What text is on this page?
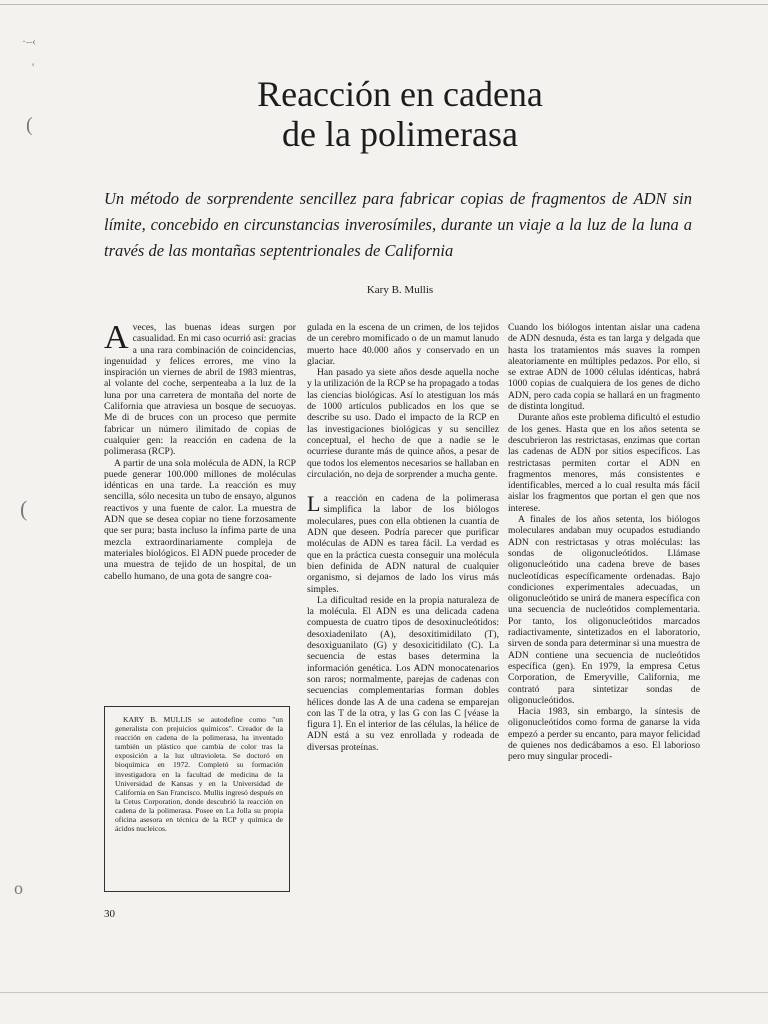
·–‹
'
(
(
o
Reacción en cadena
de la polimerasa

Un método de sorprendente sencillez para fabricar copias de fragmentos de ADN sin límite, concebido en circunstancias inverosímiles, durante un viaje a la luz de la luna a través de las montañas septentrionales de California

Kary B. Mullis

Aveces, las buenas ideas surgen por casualidad. En mi caso ocurrió así: gracias a una rara combinación de coincidencias, ingenuidad y felices errores, me vino la inspiración un viernes de abril de 1983 mientras, al volante del coche, serpenteaba a la luz de la luna por una carretera de montaña del norte de California que atraviesa un bosque de secuoyas. Me di de bruces con un proceso que permite fabricar un número ilimitado de copias de cualquier gen: la reacción en cadena de la polimerasa (RCP).

A partir de una sola molécula de ADN, la RCP puede generar 100.000 millones de moléculas idénticas en una tarde. La reacción es muy sencilla, sólo necesita un tubo de ensayo, algunos reactivos y una fuente de calor. La muestra de ADN que se desea copiar no tiene forzosamente que ser pura; basta incluso la ínfima parte de una mezcla extraordinariamente compleja de materiales biológicos. El ADN puede proceder de una muestra de tejido de un hospital, de un cabello humano, de una gota de sangre coa-

gulada en la escena de un crimen, de los tejidos de un cerebro momificado o de un mamut lanudo muerto hace 40.000 años y conservado en un glaciar.

Han pasado ya siete años desde aquella noche y la utilización de la RCP se ha propagado a todas las ciencias biológicas. Así lo atestiguan los más de 1000 artículos publicados en los que se describe su uso. Dado el impacto de la RCP en las investigaciones biológicas y su sencillez conceptual, el hecho de que a nadie se le ocurriese durante más de quince años, a pesar de que todos los elementos necesarios se hallaban en circulación, no deja de sorprender a mucha gente.

La reacción en cadena de la polimerasa simplifica la labor de los biólogos moleculares, pues con ella obtienen la cuantía de ADN que deseen. Podría parecer que purificar moléculas de ADN es tarea fácil. La verdad es que en la práctica cuesta conseguir una molécula bien definida de ADN natural de cualquier organismo, si dejamos de lado los virus más simples.

La dificultad reside en la propia naturaleza de la molécula. El ADN es una delicada cadena compuesta de cuatro tipos de desoxinucleótidos: desoxiadenilato (A), desoxitimidilato (T), desoxiguanilato (G) y desoxicitidilato (C). La secuencia de estas bases determina la información genética. Los ADN monocatenarios son raros; normalmente, parejas de cadenas con secuencias complementarias forman dobles hélices donde las A de una cadena se emparejan con las T de la otra, y las G con las C [véase la figura 1]. En el interior de las células, la hélice de ADN está a su vez enrollada y rodeada de diversas proteínas.

Cuando los biólogos intentan aislar una cadena de ADN desnuda, ésta es tan larga y delgada que hasta los tratamientos más suaves la rompen aleatoriamente en múltiples pedazos. Por ello, si se extrae ADN de 1000 células idénticas, habrá 1000 copias de cualquiera de los genes de dicho ADN, pero cada copia se hallará en un fragmento de distinta longitud.

Durante años este problema dificultó el estudio de los genes. Hasta que en los años setenta se descubrieron las restrictasas, enzimas que cortan las cadenas de ADN por sitios específicos. Las restrictasas permiten cortar el ADN en fragmentos menores, más consistentes e identificables, merced a lo cual resulta más fácil aislar los fragmentos que portan el gen que nos interese.

A finales de los años setenta, los biólogos moleculares andaban muy ocupados estudiando ADN con restrictasas y otras moléculas: las sondas de oligonucleótidos. Llámase oligonucleótido una cadena breve de bases nucleotídicas específicamente ordenadas. Bajo condiciones experimentales adecuadas, un oligonucleótido se unirá de manera específica con una secuencia de nucleótidos complementaria. Por tanto, los oligonucleótidos marcados radiactivamente, sintetizados en el laboratorio, sirven de sonda para determinar si una muestra de ADN contiene una secuencia de nucleótidos específica (gen). En 1979, la empresa Cetus Corporation, de Emeryville, California, me contrató para sintetizar sondas de oligonucleótidos.

Hacia 1983, sin embargo, la síntesis de oligonucleótidos como forma de ganarse la vida empezó a perder su encanto, para mayor felicidad de quienes nos dedicábamos a eso. El laborioso pero muy singular procedi-

KARY B. MULLIS se autodefine como "un generalista con prejuicios químicos". Creador de la reacción en cadena de la polimerasa, ha inventado también un plástico que cambia de color tras la exposición a la luz ultravioleta. Se doctoró en bioquímica en 1972. Completó su formación investigadora en la facultad de medicina de la Universidad de Kansas y en la Universidad de California en San Francisco. Mullis ingresó después en la Cetus Corporation, donde descubrió la reacción en cadena de la polimerasa. Posee en La Jolla su propia oficina asesora en técnica de la RCP y química de ácidos nucleicos.

30
